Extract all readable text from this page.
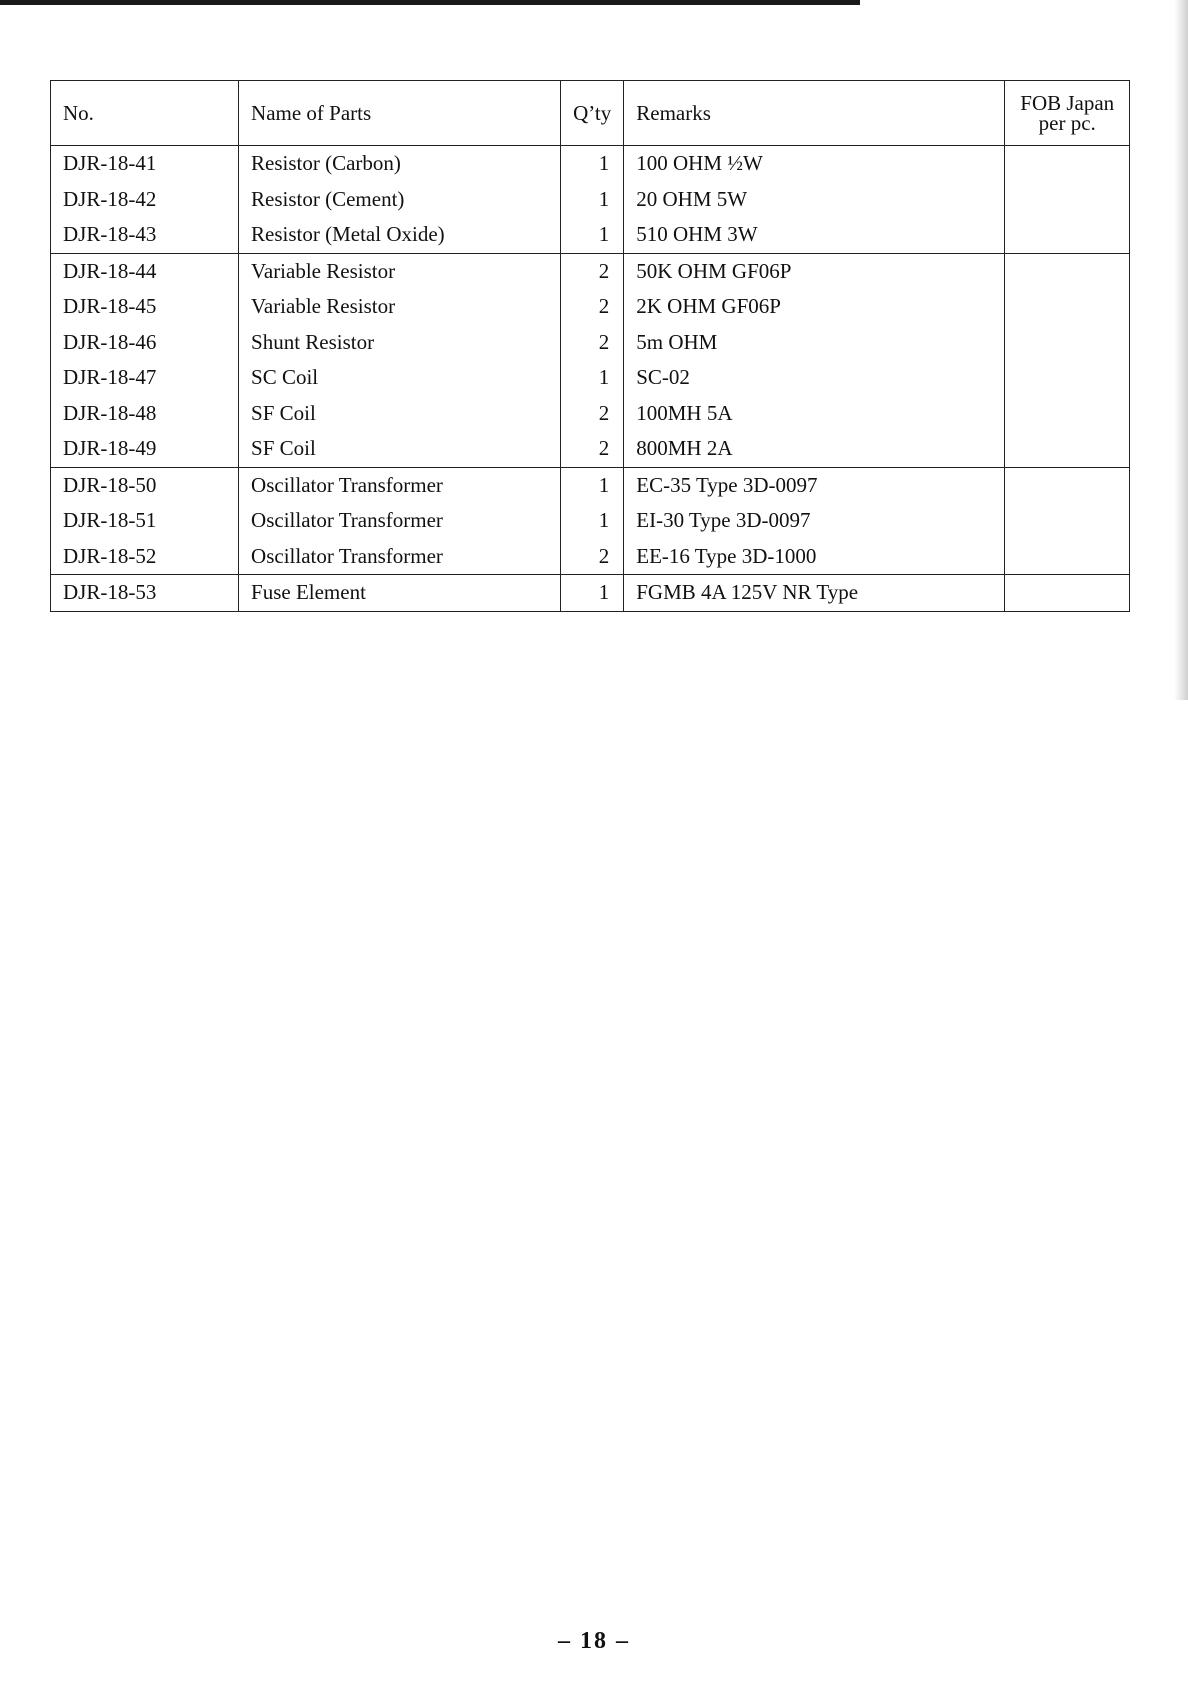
No.	Name of Parts	Q’ty	Remarks	FOB Japan
per pc.

DJR-18-41	Resistor (Carbon)	1	100 OHM ½W	
DJR-18-42	Resistor (Cement)	1	20 OHM 5W	
DJR-18-43	Resistor (Metal Oxide)	1	510 OHM 3W	
DJR-18-44	Variable Resistor	2	50K OHM GF06P	
DJR-18-45	Variable Resistor	2	2K OHM GF06P	
DJR-18-46	Shunt Resistor	2	5m OHM	
DJR-18-47	SC Coil	1	SC-02	
DJR-18-48	SF Coil	2	100MH 5A	
DJR-18-49	SF Coil	2	800MH 2A	
DJR-18-50	Oscillator Transformer	1	EC-35 Type 3D-0097	
DJR-18-51	Oscillator Transformer	1	EI-30 Type 3D-0097	
DJR-18-52	Oscillator Transformer	2	EE-16 Type 3D-1000	
DJR-18-53	Fuse Element	1	FGMB 4A 125V NR Type	
– 18 –
